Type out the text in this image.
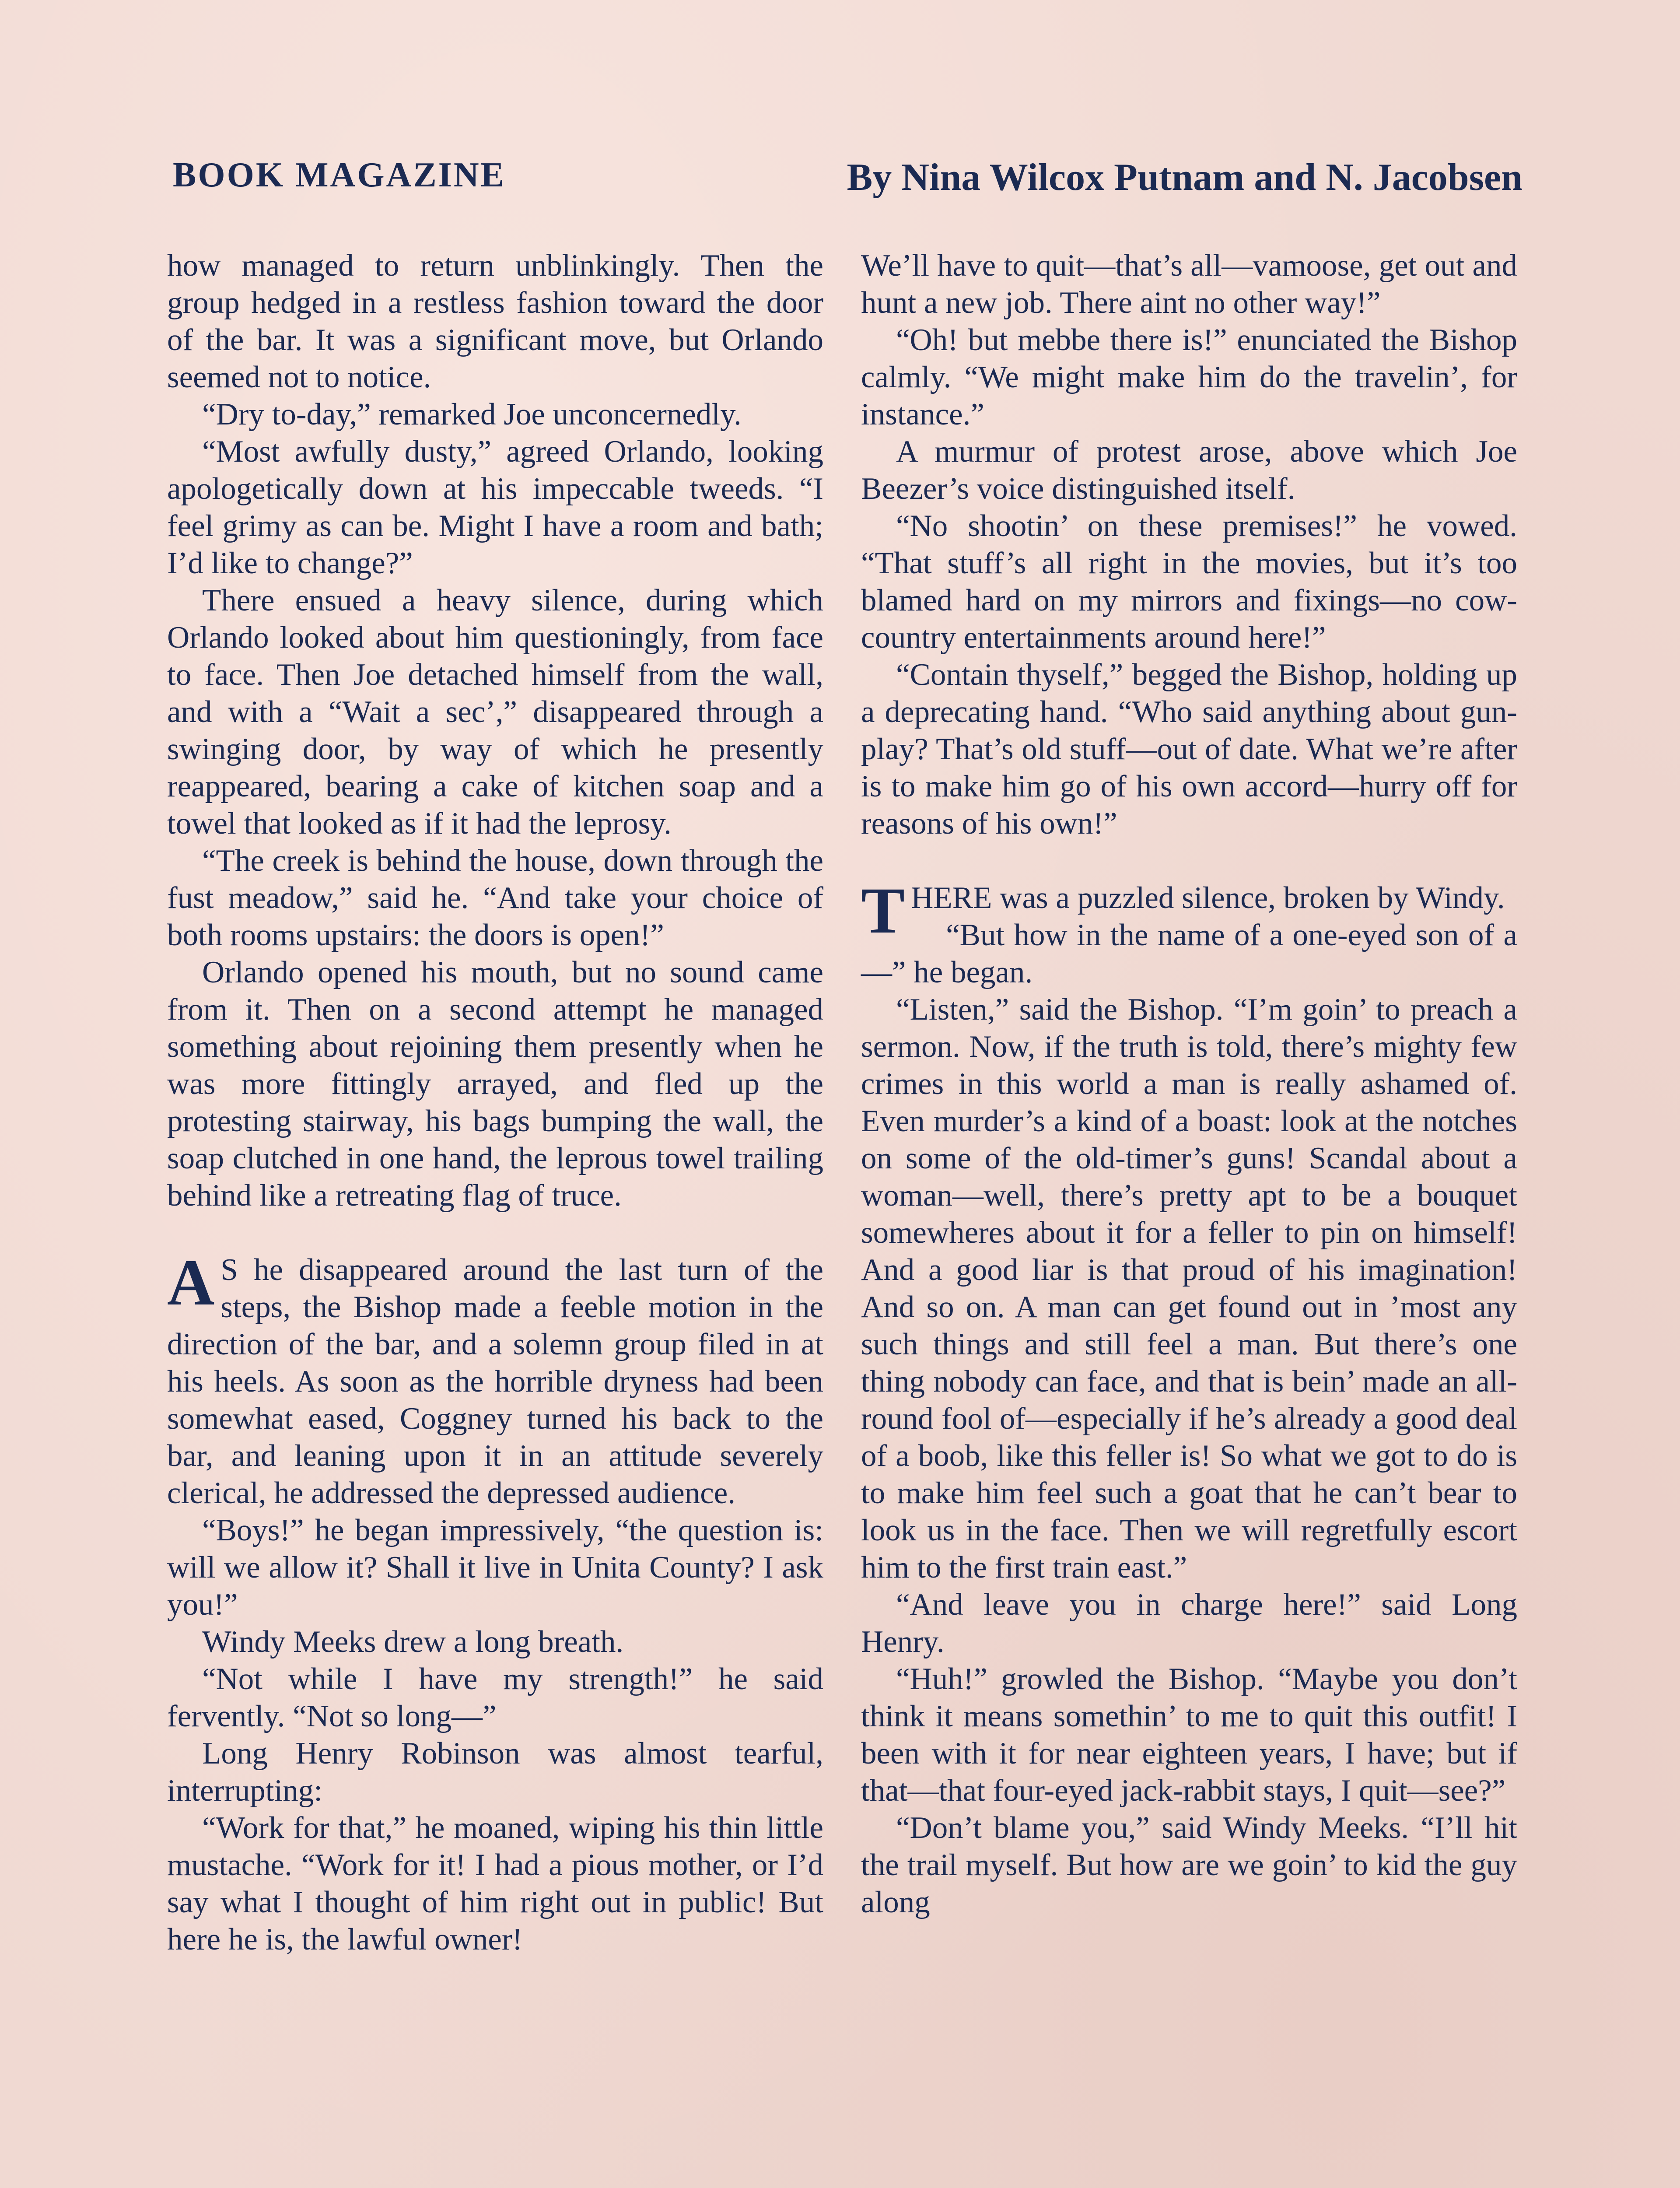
BOOK MAGAZINE	By Nina Wilcox Putnam and N. Jacobsen

how managed to return unblinkingly. Then the group hedged in a restless fashion toward the door of the bar. It was a significant move, but Orlando seemed not to notice.

“Dry to-day,” remarked Joe unconcernedly.

“Most awfully dusty,” agreed Orlando, looking apologetically down at his impeccable tweeds. “I feel grimy as can be. Might I have a room and bath; I’d like to change?”

There ensued a heavy silence, during which Orlando looked about him questioningly, from face to face. Then Joe detached himself from the wall, and with a “Wait a sec’,” disappeared through a swinging door, by way of which he presently reappeared, bearing a cake of kitchen soap and a towel that looked as if it had the leprosy.

“The creek is behind the house, down through the fust meadow,” said he. “And take your choice of both rooms upstairs: the doors is open!”

Orlando opened his mouth, but no sound came from it. Then on a second attempt he managed something about rejoining them presently when he was more fittingly arrayed, and fled up the protesting stairway, his bags bumping the wall, the soap clutched in one hand, the leprous towel trailing behind like a retreating flag of truce.

A S he disappeared around the last turn of the steps, the Bishop made a feeble motion in the direction of the bar, and a solemn group filed in at his heels. As soon as the horrible dryness had been somewhat eased, Coggney turned his back to the bar, and leaning upon it in an attitude severely clerical, he addressed the depressed audience.

“Boys!” he began impressively, “the question is: will we allow it? Shall it live in Unita County? I ask you!”

Windy Meeks drew a long breath.

“Not while I have my strength!” he said fervently. “Not so long—”

Long Henry Robinson was almost tearful, interrupting:

“Work for that,” he moaned, wiping his thin little mustache. “Work for it! I had a pious mother, or I’d say what I thought of him right out in public! But here he is, the lawful owner!

We’ll have to quit—that’s all—vamoose, get out and hunt a new job. There aint no other way!”

“Oh! but mebbe there is!” enunciated the Bishop calmly. “We might make him do the travelin’, for instance.”

A murmur of protest arose, above which Joe Beezer’s voice distinguished itself.

“No shootin’ on these premises!” he vowed. “That stuff’s all right in the movies, but it’s too blamed hard on my mirrors and fixings—no cow-country entertainments around here!”

“Contain thyself,” begged the Bishop, holding up a deprecating hand. “Who said anything about gun-play? That’s old stuff—out of date. What we’re after is to make him go of his own accord—hurry off for reasons of his own!”

THERE was a puzzled silence, broken by Windy.

“But how in the name of a one-eyed son of a—” he began.

“Listen,” said the Bishop. “I’m goin’ to preach a sermon. Now, if the truth is told, there’s mighty few crimes in this world a man is really ashamed of. Even murder’s a kind of a boast: look at the notches on some of the old-timer’s guns! Scandal about a woman—well, there’s pretty apt to be a bouquet somewheres about it for a feller to pin on himself! And a good liar is that proud of his imagination! And so on. A man can get found out in ’most any such things and still feel a man. But there’s one thing nobody can face, and that is bein’ made an all-round fool of—especially if he’s already a good deal of a boob, like this feller is! So what we got to do is to make him feel such a goat that he can’t bear to look us in the face. Then we will regretfully escort him to the first train east.”

“And leave you in charge here!” said Long Henry.

“Huh!” growled the Bishop. “Maybe you don’t think it means somethin’ to me to quit this outfit! I been with it for near eighteen years, I have; but if that—that four-eyed jack-rabbit stays, I quit—see?”

“Don’t blame you,” said Windy Meeks. “I’ll hit the trail myself. But how are we goin’ to kid the guy along
